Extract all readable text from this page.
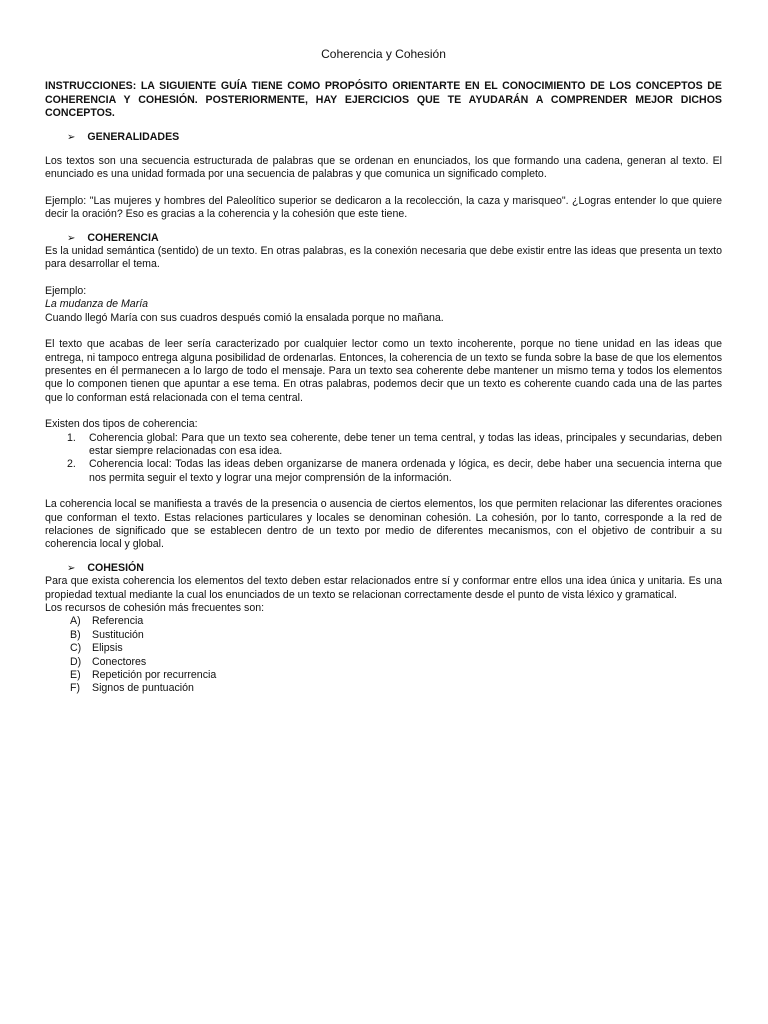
Coherencia y Cohesión

INSTRUCCIONES: LA SIGUIENTE GUÍA TIENE COMO PROPÓSITO ORIENTARTE EN EL CONOCIMIENTO DE LOS CONCEPTOS DE COHERENCIA Y COHESIÓN. POSTERIORMENTE, HAY EJERCICIOS QUE TE AYUDARÁN A COMPRENDER MEJOR DICHOS CONCEPTOS.

➢ GENERALIDADES

Los textos son una secuencia estructurada de palabras que se ordenan en enunciados, los que formando una cadena, generan al texto. El enunciado es una unidad formada por una secuencia de palabras y que comunica un significado completo.

Ejemplo: "Las mujeres y hombres del Paleolítico superior se dedicaron a la recolección, la caza y marisqueo". ¿Logras entender lo que quiere decir la oración? Eso es gracias a la coherencia y la cohesión que este tiene.

➢ COHERENCIA

Es la unidad semántica (sentido) de un texto. En otras palabras, es la conexión necesaria que debe existir entre las ideas que presenta un texto para desarrollar el tema.

Ejemplo:

La mudanza de María

Cuando llegó María con sus cuadros después comió la ensalada porque no mañana.

El texto que acabas de leer sería caracterizado por cualquier lector como un texto incoherente, porque no tiene unidad en las ideas que entrega, ni tampoco entrega alguna posibilidad de ordenarlas. Entonces, la coherencia de un texto se funda sobre la base de que los elementos presentes en él permanecen a lo largo de todo el mensaje. Para un texto sea coherente debe mantener un mismo tema y todos los elementos que lo componen tienen que apuntar a ese tema. En otras palabras, podemos decir que un texto es coherente cuando cada una de las partes que lo conforman está relacionada con el tema central.

Existen dos tipos de coherencia:

1.	Coherencia global: Para que un texto sea coherente, debe tener un tema central, y todas las ideas, principales y secundarias, deben estar siempre relacionadas con esa idea.
2.	Coherencia local: Todas las ideas deben organizarse de manera ordenada y lógica, es decir, debe haber una secuencia interna que nos permita seguir el texto y lograr una mejor comprensión de la información.

La coherencia local se manifiesta a través de la presencia o ausencia de ciertos elementos, los que permiten relacionar las diferentes oraciones que conforman el texto. Estas relaciones particulares y locales se denominan cohesión. La cohesión, por lo tanto, corresponde a la red de relaciones de significado que se establecen dentro de un texto por medio de diferentes mecanismos, con el objetivo de contribuir a su coherencia local y global.

➢ COHESIÓN

Para que exista coherencia los elementos del texto deben estar relacionados entre sí y conformar entre ellos una idea única y unitaria. Es una propiedad textual mediante la cual los enunciados de un texto se relacionan correctamente desde el punto de vista léxico y gramatical.

Los recursos de cohesión más frecuentes son:

A)	Referencia
B)	Sustitución
C)	Elipsis
D)	Conectores
E)	Repetición por recurrencia
F)	Signos de puntuación
